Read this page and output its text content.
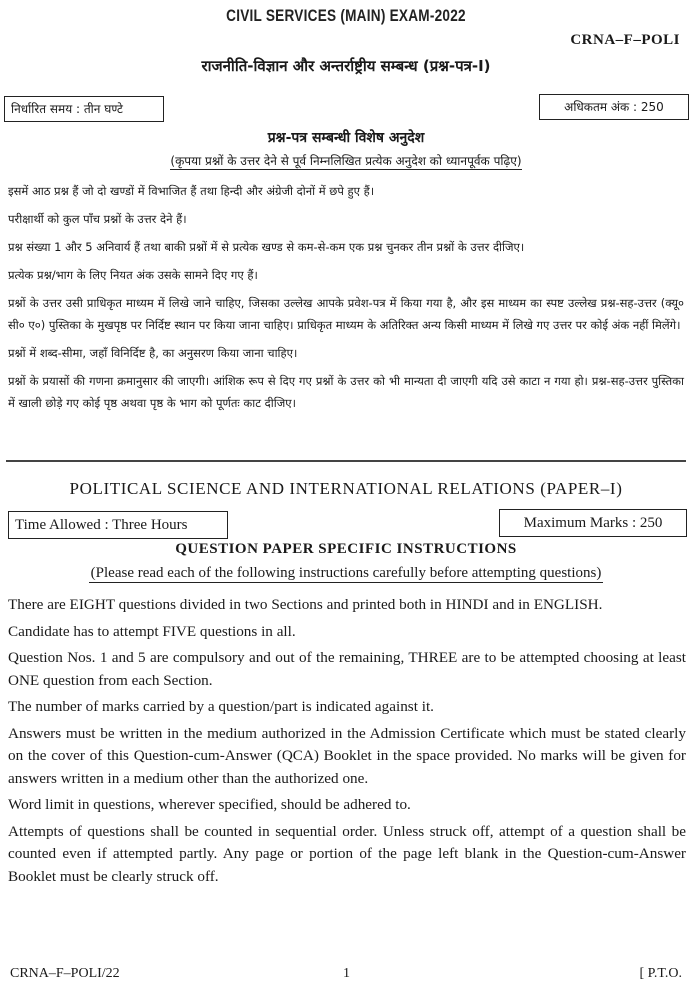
CIVIL SERVICES (MAIN) EXAM-2022
CRNA–F–POLI
राजनीति-विज्ञान और अन्तर्राष्ट्रीय सम्बन्ध (प्रश्न-पत्र-I)
निर्धारित समय : तीन घण्टे	अधिकतम अंक : 250
प्रश्न-पत्र सम्बन्धी विशेष अनुदेश
(कृपया प्रश्नों के उत्तर देने से पूर्व निम्नलिखित प्रत्येक अनुदेश को ध्यानपूर्वक पढ़िए)

इसमें आठ प्रश्न हैं जो दो खण्डों में विभाजित हैं तथा हिन्दी और अंग्रेजी दोनों में छपे हुए हैं।

परीक्षार्थी को कुल पाँच प्रश्नों के उत्तर देने हैं।

प्रश्न संख्या 1 और 5 अनिवार्य हैं तथा बाकी प्रश्नों में से प्रत्येक खण्ड से कम-से-कम एक प्रश्न चुनकर तीन प्रश्नों के उत्तर दीजिए।

प्रत्येक प्रश्न/भाग के लिए नियत अंक उसके सामने दिए गए हैं।

प्रश्नों के उत्तर उसी प्राधिकृत माध्यम में लिखे जाने चाहिए, जिसका उल्लेख आपके प्रवेश-पत्र में किया गया है, और इस माध्यम का स्पष्ट उल्लेख प्रश्न-सह-उत्तर (क्यू० सी० ए०) पुस्तिका के मुखपृष्ठ पर निर्दिष्ट स्थान पर किया जाना चाहिए। प्राधिकृत माध्यम के अतिरिक्त अन्य किसी माध्यम में लिखे गए उत्तर पर कोई अंक नहीं मिलेंगे।

प्रश्नों में शब्द-सीमा, जहाँ विनिर्दिष्ट है, का अनुसरण किया जाना चाहिए।

प्रश्नों के प्रयासों की गणना क्रमानुसार की जाएगी। आंशिक रूप से दिए गए प्रश्नों के उत्तर को भी मान्यता दी जाएगी यदि उसे काटा न गया हो। प्रश्न-सह-उत्तर पुस्तिका में खाली छोड़े गए कोई पृष्ठ अथवा पृष्ठ के भाग को पूर्णतः काट दीजिए।

POLITICAL SCIENCE AND INTERNATIONAL RELATIONS (PAPER–I)
Time Allowed : Three Hours	Maximum Marks : 250
QUESTION PAPER SPECIFIC INSTRUCTIONS
(Please read each of the following instructions carefully before attempting questions)

There are EIGHT questions divided in two Sections and printed both in HINDI and in ENGLISH.

Candidate has to attempt FIVE questions in all.

Question Nos. 1 and 5 are compulsory and out of the remaining, THREE are to be attempted choosing at least ONE question from each Section.

The number of marks carried by a question/part is indicated against it.

Answers must be written in the medium authorized in the Admission Certificate which must be stated clearly on the cover of this Question-cum-Answer (QCA) Booklet in the space provided. No marks will be given for answers written in a medium other than the authorized one.

Word limit in questions, wherever specified, should be adhered to.

Attempts of questions shall be counted in sequential order. Unless struck off, attempt of a question shall be counted even if attempted partly. Any page or portion of the page left blank in the Question-cum-Answer Booklet must be clearly struck off.

CRNA–F–POLI/22	1	[ P.T.O.
